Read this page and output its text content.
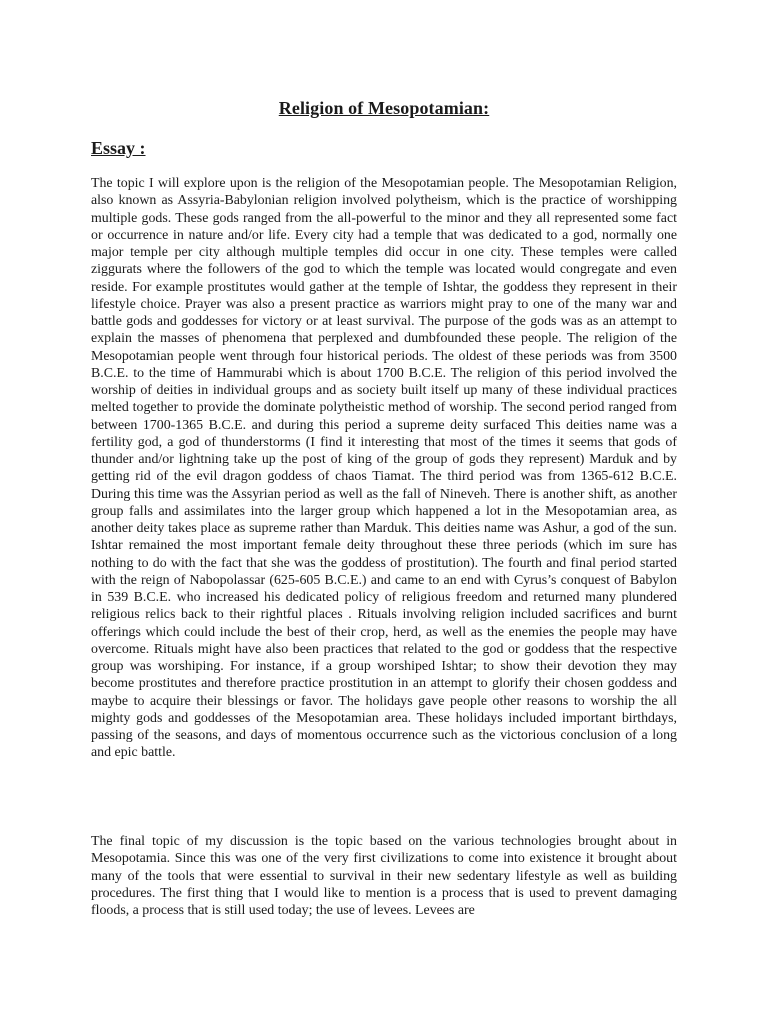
Religion of Mesopotamian:
Essay :

The topic I will explore upon is the religion of the Mesopotamian people. The Mesopotamian Religion, also known as Assyria-Babylonian religion involved polytheism, which is the practice of worshipping multiple gods. These gods ranged from the all-powerful to the minor and they all represented some fact or occurrence in nature and/or life. Every city had a temple that was dedicated to a god, normally one major temple per city although multiple temples did occur in one city. These temples were called ziggurats where the followers of the god to which the temple was located would congregate and even reside. For example prostitutes would gather at the temple of Ishtar, the goddess they represent in their lifestyle choice. Prayer was also a present practice as warriors might pray to one of the many war and battle gods and goddesses for victory or at least survival. The purpose of the gods was as an attempt to explain the masses of phenomena that perplexed and dumbfounded these people. The religion of the Mesopotamian people went through four historical periods. The oldest of these periods was from 3500 B.C.E. to the time of Hammurabi which is about 1700 B.C.E. The religion of this period involved the worship of deities in individual groups and as society built itself up many of these individual practices melted together to provide the dominate polytheistic method of worship. The second period ranged from between 1700-1365 B.C.E. and during this period a supreme deity surfaced This deities name was a fertility god, a god of thunderstorms (I find it interesting that most of the times it seems that gods of thunder and/or lightning take up the post of king of the group of gods they represent) Marduk and by getting rid of the evil dragon goddess of chaos Tiamat. The third period was from 1365-612 B.C.E. During this time was the Assyrian period as well as the fall of Nineveh. There is another shift, as another group falls and assimilates into the larger group which happened a lot in the Mesopotamian area, as another deity takes place as supreme rather than Marduk. This deities name was Ashur, a god of the sun. Ishtar remained the most important female deity throughout these three periods (which im sure has nothing to do with the fact that she was the goddess of prostitution). The fourth and final period started with the reign of Nabopolassar (625-605 B.C.E.) and came to an end with Cyrus’s conquest of Babylon in 539 B.C.E. who increased his dedicated policy of religious freedom and returned many plundered religious relics back to their rightful places . Rituals involving religion included sacrifices and burnt offerings which could include the best of their crop, herd, as well as the enemies the people may have overcome. Rituals might have also been practices that related to the god or goddess that the respective group was worshiping. For instance, if a group worshiped Ishtar; to show their devotion they may become prostitutes and therefore practice prostitution in an attempt to glorify their chosen goddess and maybe to acquire their blessings or favor. The holidays gave people other reasons to worship the all mighty gods and goddesses of the Mesopotamian area. These holidays included important birthdays, passing of the seasons, and days of momentous occurrence such as the victorious conclusion of a long and epic battle.

The final topic of my discussion is the topic based on the various technologies brought about in Mesopotamia. Since this was one of the very first civilizations to come into existence it brought about many of the tools that were essential to survival in their new sedentary lifestyle as well as building procedures. The first thing that I would like to mention is a process that is used to prevent damaging floods, a process that is still used today; the use of levees. Levees are
